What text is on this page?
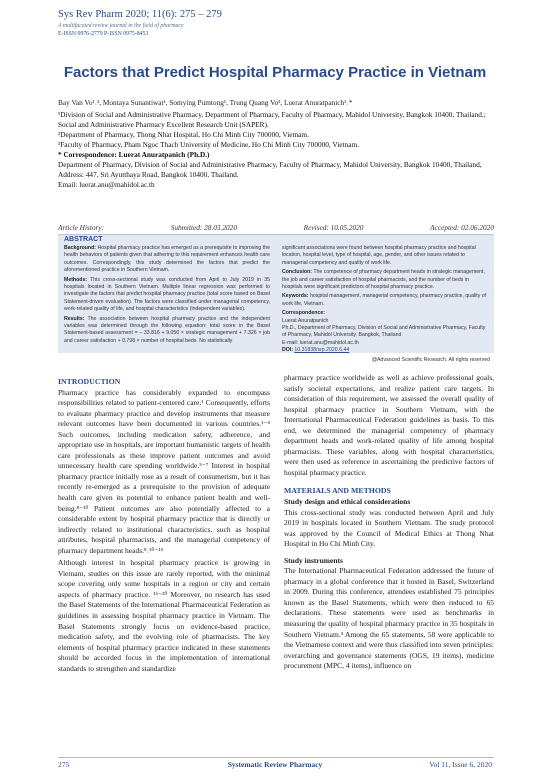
Sys Rev Pharm 2020; 11(6): 275 – 279
A multifaceted review journal in the field of pharmacy
E-ISSN 0976-2779 P-ISSN 0975-8453
Factors that Predict Hospital Pharmacy Practice in Vietnam
Bay Van Vo¹˒², Montaya Sunantiwat¹, Somying Pumtong¹, Trung Quang Vo³, Luerat Anuratpanich¹˒*
¹Division of Social and Administrative Pharmacy, Department of Pharmacy, Faculty of Pharmacy, Mahidol University, Bangkok 10400, Thailand.; Social and Administrative Pharmacy Excellent Research Unit (SAPER).
²Department of Pharmacy, Thong Nhat Hospital, Ho Chi Minh City 700000, Vietnam.
³Faculty of Pharmacy, Pham Ngoc Thach University of Medicine, Ho Chi Minh City 700000, Vietnam.
* Correspondence: Luerat Anuratpanich (Ph.D.)
Department of Pharmacy, Division of Social and Administrative Pharmacy, Faculty of Pharmacy, Mahidol University, Bangkok 10400, Thailand, Address: 447, Sri Ayutthaya Road, Bangkok 10400, Thailand.
Email: luerat.anu@mahidol.ac.th
Article History:	Submitted: 28.03.2020	Revised: 10.05.2020	Accepted: 02.06.2020
ABSTRACT

Background: Hospital pharmacy practice has emerged as a prerequisite to improving the health behaviors of patients given that adhering to this requirement enhances health care outcomes. Correspondingly, this study determined the factors that predict the aforementioned practice in Southern Vietnam.

Methods: This cross-sectional study was conducted from April to July 2019 in 35 hospitals located in Southern Vietnam. Multiple linear regression was performed to investigate the factors that predict hospital pharmacy practice (total score based on Basel Statement-driven evaluation). The factors were classified under managerial competency, work-related quality of life, and hospital characteristics (independent variables).

Results: The association between hospital pharmacy practice and the independent variables was determined through the following equation: total score in the Basel Statement-based assessment = – 33.816 + 9.056 × strategic management + 7.326 × job and career satisfaction + 0.798 × number of hospital beds. No statistically

significant associations were found between hospital pharmacy practice and hospital location, hospital level, type of hospital, age, gender, and other issues related to managerial competency and quality of work life.

Conclusion: The competence of pharmacy department heads in strategic management, the job and career satisfaction of hospital pharmacists, and the number of beds in hospitals were significant predictors of hospital pharmacy practice.

Keywords: hospital management, managerial competency, pharmacy practice, quality of work life, Vietnam.

Correspondence:

Luerat Anuratpanich

Ph.D., Department of Pharmacy, Division of Social and Administrative Pharmacy, Faculty of Pharmacy, Mahidol University, Bangkok, Thailand

E-mail: luerat.anu@mahidol.ac.th

DOI: 10.31838/srp.2020.6.44

@Advanced Scientific Research. All rights reserved
INTRODUCTION

Pharmacy practice has considerably expanded to encompass responsibilities related to patient-centered care.¹ Consequently, efforts to evaluate pharmacy practice and develop instruments that measure relevant outcomes have been documented in various countries.¹⁻⁴ Such outcomes, including medication safety, adherence, and appropriate use in hospitals, are important humanistic targets of health care professionals as these improve patient outcomes and avoid unnecessary health care spending worldwide.⁵⁻⁷ Interest in hospital pharmacy practice initially rose as a result of consumerism, but it has recently re-emerged as a prerequisite to the provision of adequate health care given its potential to enhance patient health and well-being.⁸⁻¹⁰ Patient outcomes are also potentially affected to a considerable extent by hospital pharmacy practice that is directly or indirectly related to institutional characteristics, such as hospital attributes, hospital pharmacists, and the managerial competency of pharmacy department heads.⁸˒¹⁰⁻¹⁵

Although interest in hospital pharmacy practice is growing in Vietnam, studies on this issue are rarely reported, with the minimal scope covering only some hospitals in a region or city and certain aspects of pharmacy practice. ¹⁶⁻²⁰ Moreover, no research has used the Basel Statements of the International Pharmaceutical Federation as guidelines in assessing hospital pharmacy practice in Vietnam. The Basel Statements strongly focus on evidence-based practice, medication safety, and the evolving role of pharmacists. The key elements of hospital pharmacy practice indicated in these statements should be accorded focus in the implementation of international standards to strengthen and standardize

pharmacy practice worldwide as well as achieve professional goals, satisfy societal expectations, and realize patient care targets. In consideration of this requirement, we assessed the overall quality of hospital pharmacy practice in Southern Vietnam, with the International Pharmaceutical Federation guidelines as basis. To this end, we determined the managerial competency of pharmacy department heads and work-related quality of life among hospital pharmacists. These variables, along with hospital characteristics, were then used as reference in ascertaining the predictive factors of hospital pharmacy practice.

MATERIALS AND METHODS
Study design and ethical considerations

This cross-sectional study was conducted between April and July 2019 in hospitals located in Southern Vietnam. The study protocol was approved by the Council of Medical Ethics at Thong Nhat Hospital in Ho Chi Minh City.

Study instruments

The International Pharmaceutical Federation addressed the future of pharmacy in a global conference that it hosted in Basel, Switzerland in 2009. During this conference, attendees established 75 principles known as the Basel Statements, which were then reduced to 65 declarations. These statements were used as benchmarks in measuring the quality of hospital pharmacy practice in 35 hospitals in Southern Vietnam.³ Among the 65 statements, 58 were applicable to the Vietnamese context and were thus classified into seven principles: overarching and governance statements (OGS, 19 items), medicine procurement (MPC, 4 items), influence on

275	Systematic Review Pharmacy	Vol 11, Issue 6, 2020
